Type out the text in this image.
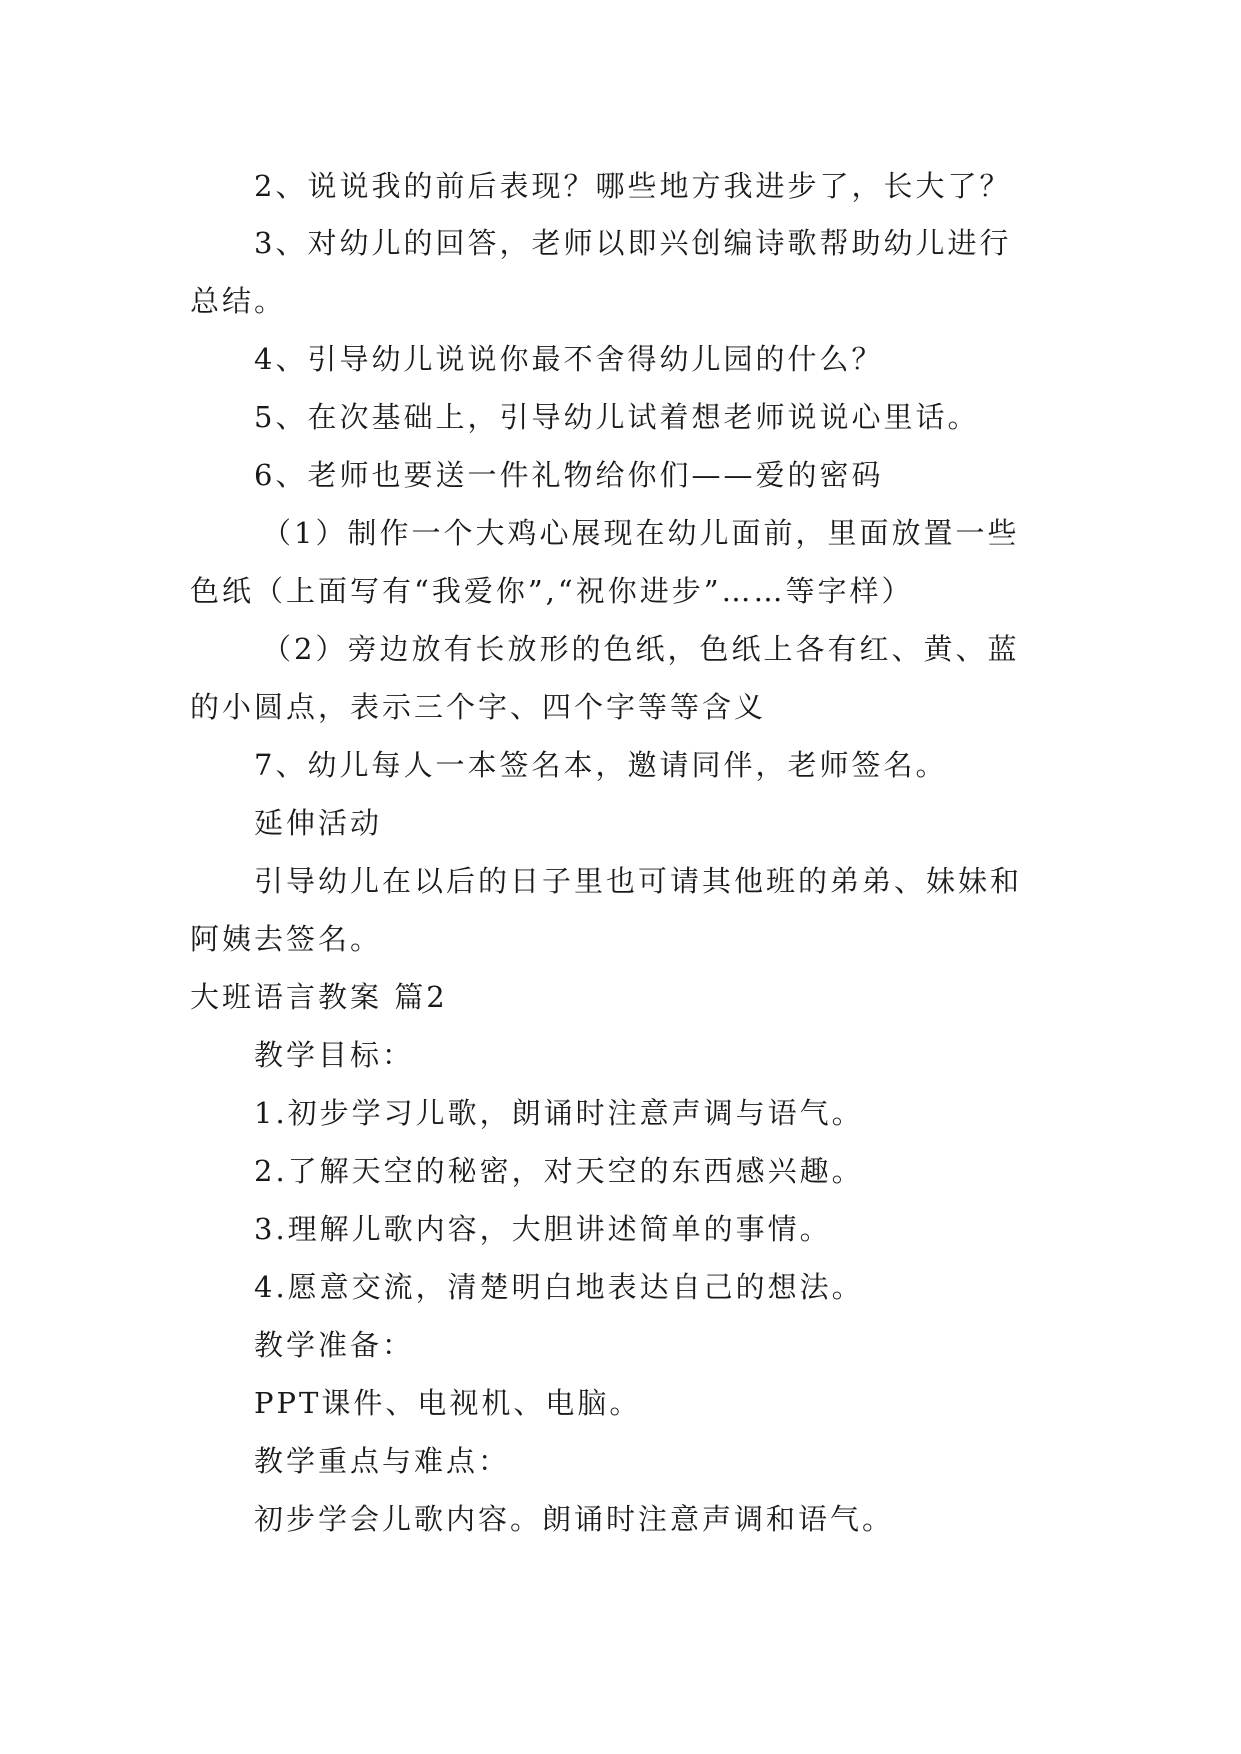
2、说说我的前后表现？哪些地方我进步了，长大了？
3、对幼儿的回答，老师以即兴创编诗歌帮助幼儿进行
总结。
4、引导幼儿说说你最不舍得幼儿园的什么？
5、在次基础上，引导幼儿试着想老师说说心里话。
6、老师也要送一件礼物给你们——爱的密码
（1）制作一个大鸡心展现在幼儿面前，里面放置一些
色纸（上面写有“我爱你”,“祝你进步”……等字样）
（2）旁边放有长放形的色纸，色纸上各有红、黄、蓝
的小圆点，表示三个字、四个字等等含义
7、幼儿每人一本签名本，邀请同伴，老师签名。
延伸活动
引导幼儿在以后的日子里也可请其他班的弟弟、妹妹和
阿姨去签名。
大班语言教案 篇2
教学目标：
1.初步学习儿歌，朗诵时注意声调与语气。
2.了解天空的秘密，对天空的东西感兴趣。
3.理解儿歌内容，大胆讲述简单的事情。
4.愿意交流，清楚明白地表达自己的想法。
教学准备：
PPT课件、电视机、电脑。
教学重点与难点：
初步学会儿歌内容。朗诵时注意声调和语气。
